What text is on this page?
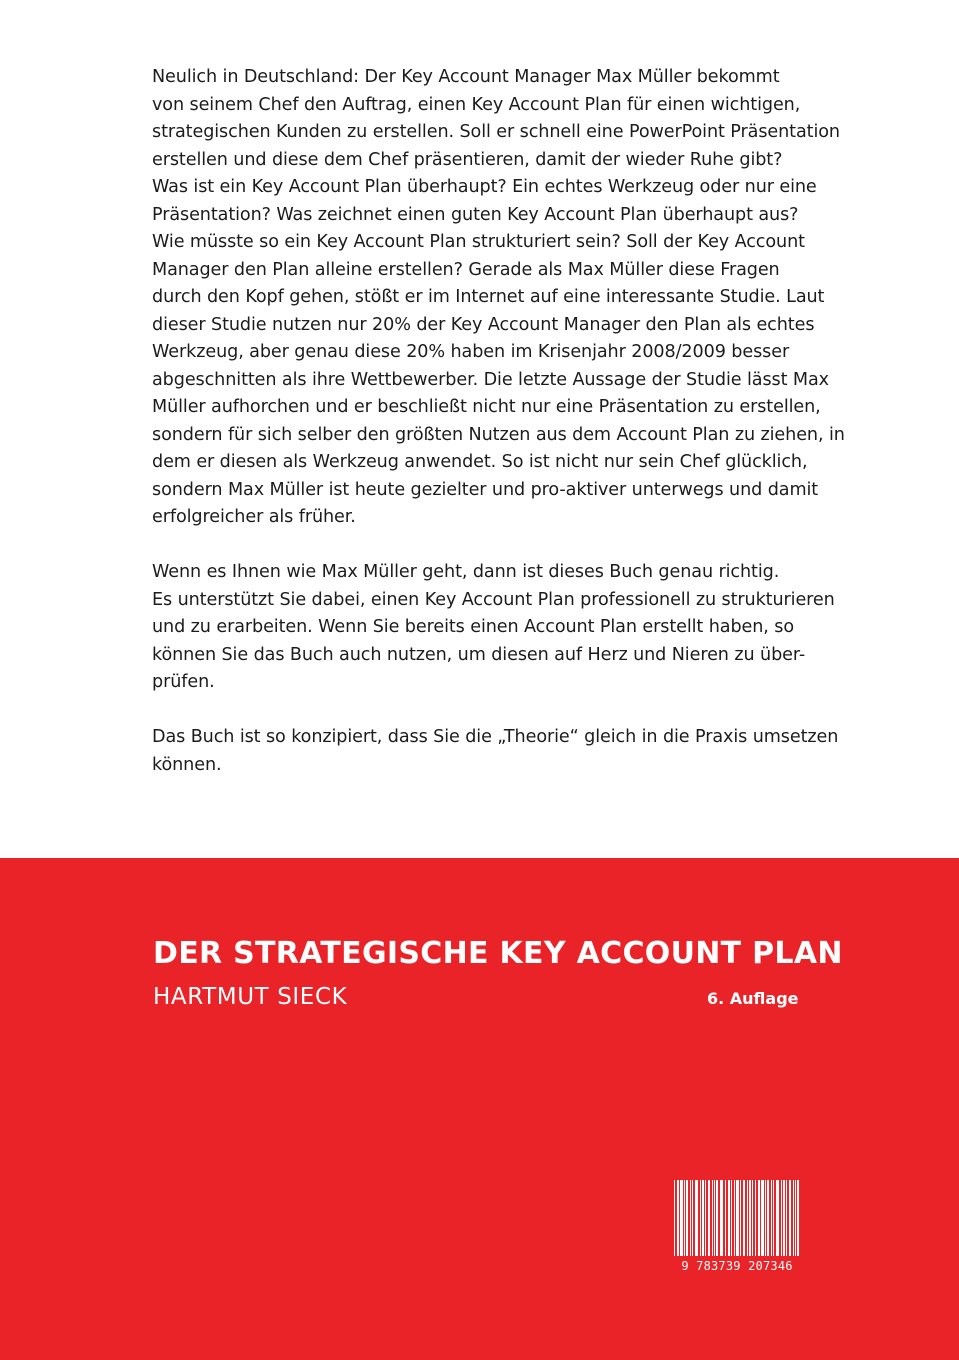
Neulich in Deutschland: Der Key Account Manager Max Müller bekommt
von seinem Chef den Auftrag, einen Key Account Plan für einen wichtigen,
strategischen Kunden zu erstellen. Soll er schnell eine PowerPoint Präsentation
erstellen und diese dem Chef präsentieren, damit der wieder Ruhe gibt?
Was ist ein Key Account Plan überhaupt? Ein echtes Werkzeug oder nur eine
Präsentation? Was zeichnet einen guten Key Account Plan überhaupt aus?
Wie müsste so ein Key Account Plan strukturiert sein? Soll der Key Account
Manager den Plan alleine erstellen? Gerade als Max Müller diese Fragen
durch den Kopf gehen, stößt er im Internet auf eine interessante Studie. Laut
dieser Studie nutzen nur 20% der Key Account Manager den Plan als echtes
Werkzeug, aber genau diese 20% haben im Krisenjahr 2008/2009 besser
abgeschnitten als ihre Wettbewerber. Die letzte Aussage der Studie lässt Max
Müller aufhorchen und er beschließt nicht nur eine Präsentation zu erstellen,
sondern für sich selber den größten Nutzen aus dem Account Plan zu ziehen, in
dem er diesen als Werkzeug anwendet. So ist nicht nur sein Chef glücklich,
sondern Max Müller ist heute gezielter und pro-aktiver unterwegs und damit
erfolgreicher als früher.
Wenn es Ihnen wie Max Müller geht, dann ist dieses Buch genau richtig.
Es unterstützt Sie dabei, einen Key Account Plan professionell zu strukturieren
und zu erarbeiten. Wenn Sie bereits einen Account Plan erstellt haben, so
können Sie das Buch auch nutzen, um diesen auf Herz und Nieren zu über-
prüfen.
Das Buch ist so konzipiert, dass Sie die „Theorie“ gleich in die Praxis umsetzen
können.
DER STRATEGISCHE KEY ACCOUNT PLAN
HARTMUT SIECK	6. Auflage
9 783739 207346
